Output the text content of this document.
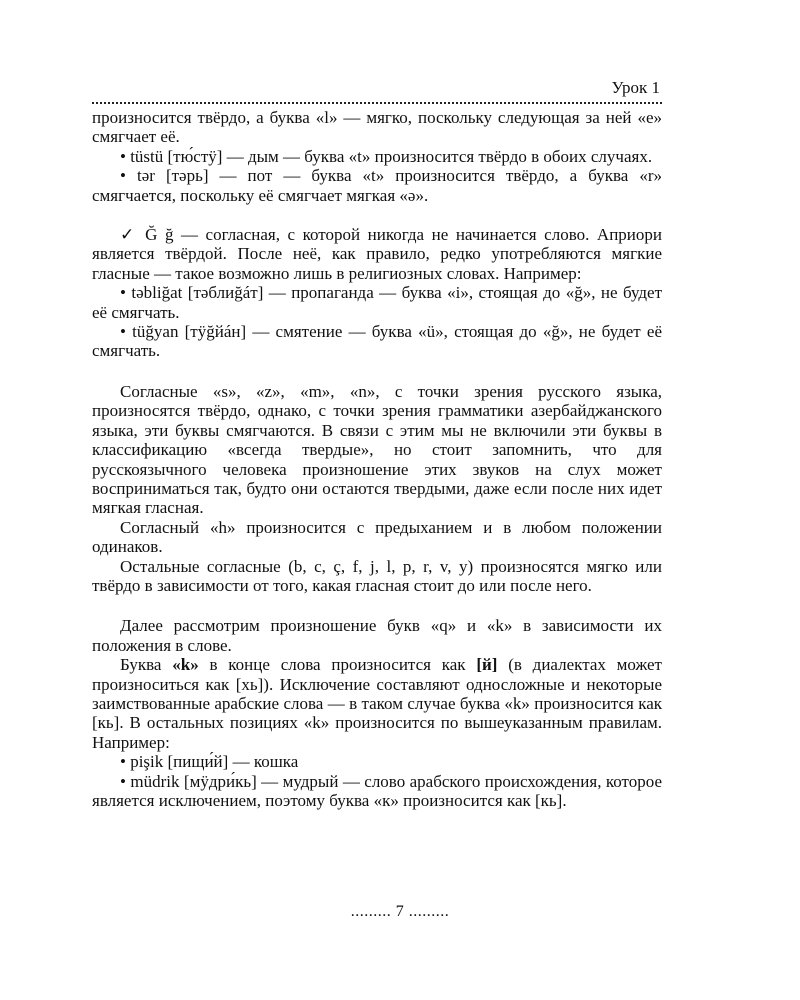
Урок 1

произносится твёрдо, а буква «l» — мягко, поскольку следующая за ней «e» смягчает её.

• tüstü [тю́стӱ] — дым — буква «t» произносится твёрдо в обоих случаях.

• tər [тәрь] — пот — буква «t» произносится твёрдо, а буква «r» смягчается, поскольку её смягчает мягкая «ə».

✓ Ğ ğ — согласная, с которой никогда не начинается слово. Априори является твёрдой. После неё, как правило, редко употребляются мягкие гласные — такое возможно лишь в религиозных словах. Например:

• təbliğat [тәблиğáт] — пропаганда — буква «i», стоящая до «ğ», не будет её смягчать.

• tüğyan [тӱğйáн] — смятение — буква «ü», стоящая до «ğ», не будет её смягчать.

Согласные «s», «z», «m», «n», с точки зрения русского языка, произносятся твёрдо, однако, с точки зрения грамматики азербайджанского языка, эти буквы смягчаются. В связи с этим мы не включили эти буквы в классификацию «всегда твердые», но стоит запомнить, что для русскоязычного человека произношение этих звуков на слух может восприниматься так, будто они остаются твердыми, даже если после них идет мягкая гласная.

Согласный «h» произносится с предыханием и в любом положении одинаков.

Остальные согласные (b, c, ç, f, j, l, p, r, v, y) произносятся мягко или твёрдо в зависимости от того, какая гласная стоит до или после него.

Далее рассмотрим произношение букв «q» и «k» в зависимости их положения в слове.

Буква «k» в конце слова произносится как [й] (в диалектах может произноситься как [хь]). Исключение составляют односложные и некоторые заимствованные арабские слова — в таком случае буква «k» произносится как [кь]. В остальных позициях «k» произносится по вышеуказанным правилам. Например:

• pişik [пищи́й] — кошка

• müdrik [мӱдри́кь] — мудрый — слово арабского происхождения, которое является исключением, поэтому буква «к» произносится как [кь].

......... 7 .........
